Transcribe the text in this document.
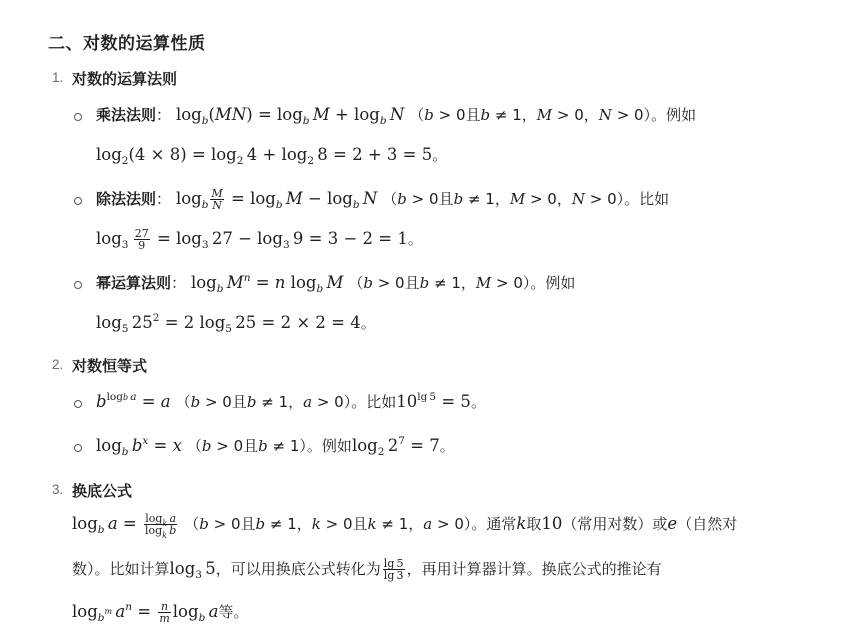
二、对数的运算性质
1. 对数的运算法则
乘法法则： $\log_b(MN) = \log_b M + \log_b N$ （b > 0且b ≠ 1，M > 0，N > 0）。例如
$\log_2(4 \times 8) = \log_2 4 + \log_2 8 = 2 + 3 = 5$。
除法法则： $\log_b \frac{M}{N} = \log_b M - \log_b N$ （b > 0且b ≠ 1，M > 0，N > 0）。比如
$\log_3 \frac{27}{9} = \log_3 27 - \log_3 9 = 3 - 2 = 1$。
幂运算法则： $\log_b M^n = n$ $\log_b M$ （b > 0且b ≠ 1，M > 0）。例如
$\log_5 25^2 = 2$ $\log_5 25 = 2 \times 2 = 4$。
2. 对数恒等式
$b^{logb a} = a$ （b > 0且b ≠ 1，a > 0）。比如$10^{lg 5} = 5$。
$\log_b b^x = x$ （b > 0且b ≠ 1）。例如$\log_2 2^7 = 7$。
3. 换底公式
$\log_b a = \frac{\log_k a}{\log_k b} (b > 0$且b ≠ 1，k > 0且k ≠ 1，a > 0）。通常k取10（常用对数）或e（自然对
数）。比如计算$\log_3 5$，可以用换底公式转化为 $\frac{\lg 5}{\lg 3}$ ，再用计算器计算。换底公式的推论有
$\log_{b^m} a^n = \frac{n}{m} \log_b a$等。
